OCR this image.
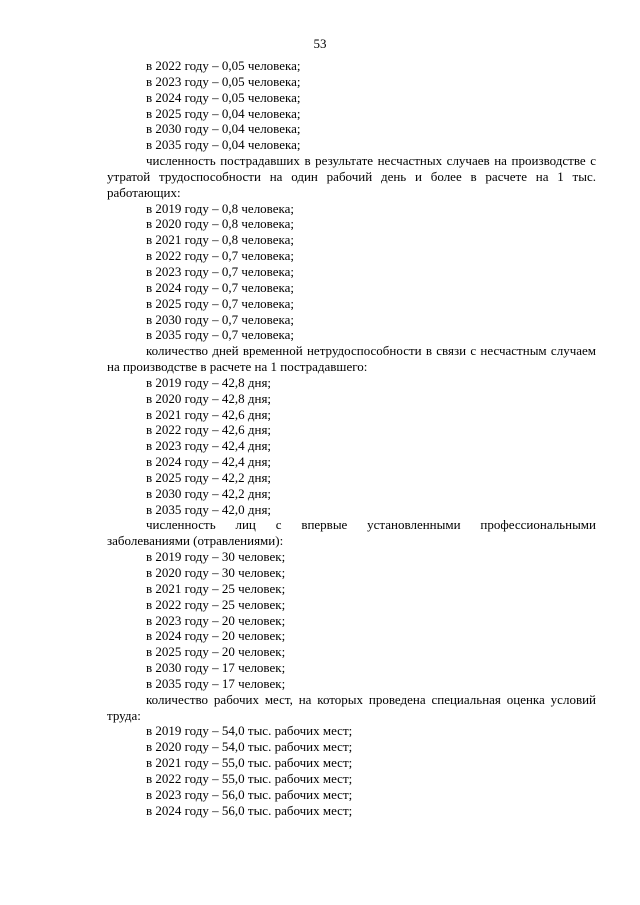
53
в 2022 году – 0,05 человека;
в 2023 году – 0,05 человека;
в 2024 году – 0,05 человека;
в 2025 году – 0,04 человека;
в 2030 году – 0,04 человека;
в 2035 году – 0,04 человека;
численность пострадавших в результате несчастных случаев на производстве с утратой трудоспособности на один рабочий день и более в расчете на 1 тыс. работающих:
в 2019 году – 0,8 человека;
в 2020 году – 0,8 человека;
в 2021 году – 0,8 человека;
в 2022 году – 0,7 человека;
в 2023 году – 0,7 человека;
в 2024 году – 0,7 человека;
в 2025 году – 0,7 человека;
в 2030 году – 0,7 человека;
в 2035 году – 0,7 человека;
количество дней временной нетрудоспособности в связи с несчастным случаем на производстве в расчете на 1 пострадавшего:
в 2019 году – 42,8 дня;
в 2020 году – 42,8 дня;
в 2021 году – 42,6 дня;
в 2022 году – 42,6 дня;
в 2023 году – 42,4 дня;
в 2024 году – 42,4 дня;
в 2025 году – 42,2 дня;
в 2030 году – 42,2 дня;
в 2035 году – 42,0 дня;
численность лиц с впервые установленными профессиональными заболеваниями (отравлениями):
в 2019 году – 30 человек;
в 2020 году – 30 человек;
в 2021 году – 25 человек;
в 2022 году – 25 человек;
в 2023 году – 20 человек;
в 2024 году – 20 человек;
в 2025 году – 20 человек;
в 2030 году – 17 человек;
в 2035 году – 17 человек;
количество рабочих мест, на которых проведена специальная оценка условий труда:
в 2019 году – 54,0 тыс. рабочих мест;
в 2020 году – 54,0 тыс. рабочих мест;
в 2021 году – 55,0 тыс. рабочих мест;
в 2022 году – 55,0 тыс. рабочих мест;
в 2023 году – 56,0 тыс. рабочих мест;
в 2024 году – 56,0 тыс. рабочих мест;
